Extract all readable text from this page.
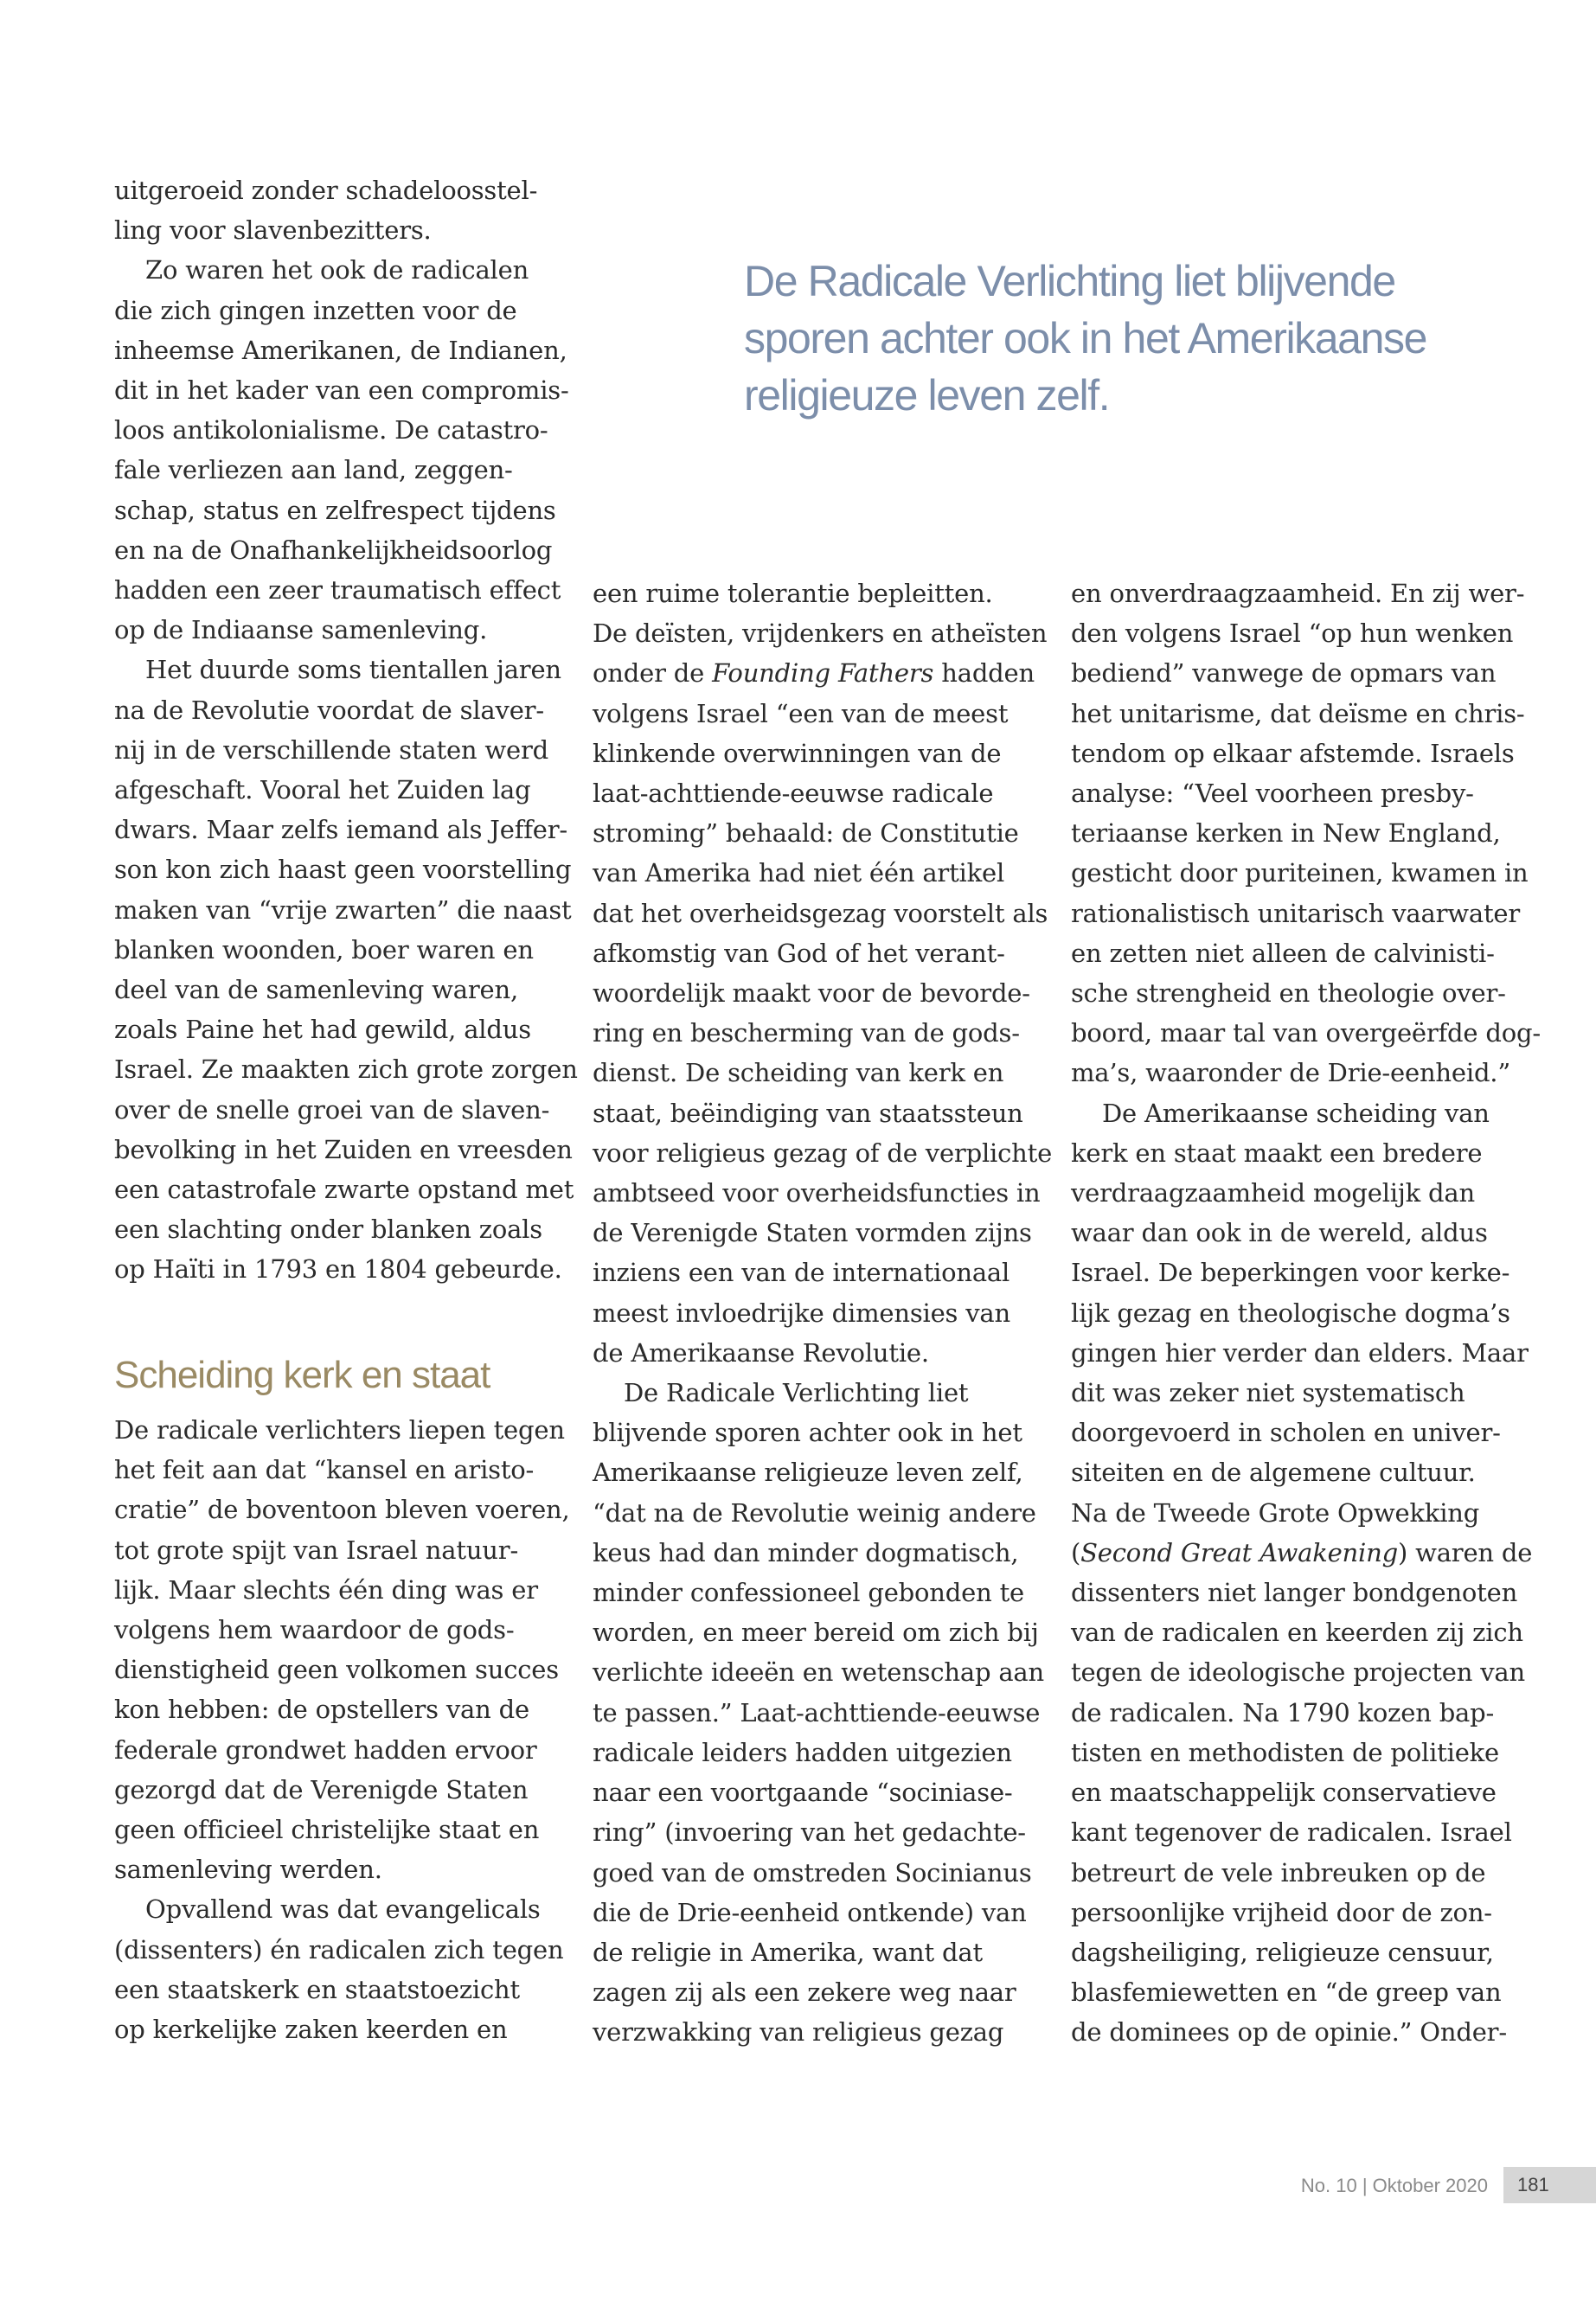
De Radicale Verlichting liet blijvende
sporen achter ook in het Amerikaanse
religieuze leven zelf.
uitgeroeid zonder schadeloosstel-
ling voor slavenbezitters.
Zo waren het ook de radicalen
die zich gingen inzetten voor de
inheemse Amerikanen, de Indianen,
dit in het kader van een compromis-
loos antikolonialisme. De catastro-
fale verliezen aan land, zeggen-
schap, status en zelfrespect tijdens
en na de Onafhankelijkheidsoorlog
hadden een zeer traumatisch effect
op de Indiaanse samenleving.
Het duurde soms tientallen jaren
na de Revolutie voordat de slaver-
nij in de verschillende staten werd
afgeschaft. Vooral het Zuiden lag
dwars. Maar zelfs iemand als Jeffer-
son kon zich haast geen voorstelling
maken van “vrije zwarten” die naast
blanken woonden, boer waren en
deel van de samenleving waren,
zoals Paine het had gewild, aldus
Israel. Ze maakten zich grote zorgen
over de snelle groei van de slaven-
bevolking in het Zuiden en vreesden
een catastrofale zwarte opstand met
een slachting onder blanken zoals
op Haïti in 1793 en 1804 gebeurde.
Scheiding kerk en staat
De radicale verlichters liepen tegen
het feit aan dat “kansel en aristo-
cratie” de boventoon bleven voeren,
tot grote spijt van Israel natuur-
lijk. Maar slechts één ding was er
volgens hem waardoor de gods-
dienstigheid geen volkomen succes
kon hebben: de opstellers van de
federale grondwet hadden ervoor
gezorgd dat de Verenigde Staten
geen officieel christelijke staat en
samenleving werden.
Opvallend was dat evangelicals
(dissenters) én radicalen zich tegen
een staatskerk en staatstoezicht
op kerkelijke zaken keerden en
een ruime tolerantie bepleitten.
De deïsten, vrijdenkers en atheïsten
onder de Founding Fathers hadden
volgens Israel “een van de meest
klinkende overwinningen van de
laat-achttiende-eeuwse radicale
stroming” behaald: de Constitutie
van Amerika had niet één artikel
dat het overheidsgezag voorstelt als
afkomstig van God of het verant-
woordelijk maakt voor de bevorde-
ring en bescherming van de gods-
dienst. De scheiding van kerk en
staat, beëindiging van staatssteun
voor religieus gezag of de verplichte
ambtseed voor overheidsfuncties in
de Verenigde Staten vormden zijns
inziens een van de internationaal
meest invloedrijke dimensies van
de Amerikaanse Revolutie.
De Radicale Verlichting liet
blijvende sporen achter ook in het
Amerikaanse religieuze leven zelf,
“dat na de Revolutie weinig andere
keus had dan minder dogmatisch,
minder confessioneel gebonden te
worden, en meer bereid om zich bij
verlichte ideeën en wetenschap aan
te passen.” Laat-achttiende-eeuwse
radicale leiders hadden uitgezien
naar een voortgaande “sociniase-
ring” (invoering van het gedachte-
goed van de omstreden Socinianus
die de Drie-eenheid ontkende) van
de religie in Amerika, want dat
zagen zij als een zekere weg naar
verzwakking van religieus gezag
en onverdraagzaamheid. En zij wer-
den volgens Israel “op hun wenken
bediend” vanwege de opmars van
het unitarisme, dat deïsme en chris-
tendom op elkaar afstemde. Israels
analyse: “Veel voorheen presby-
teriaanse kerken in New England,
gesticht door puriteinen, kwamen in
rationalistisch unitarisch vaarwater
en zetten niet alleen de calvinisti-
sche strengheid en theologie over-
boord, maar tal van overgeërfde dog-
ma’s, waaronder de Drie-eenheid.”
De Amerikaanse scheiding van
kerk en staat maakt een bredere
verdraagzaamheid mogelijk dan
waar dan ook in de wereld, aldus
Israel. De beperkingen voor kerke-
lijk gezag en theologische dogma’s
gingen hier verder dan elders. Maar
dit was zeker niet systematisch
doorgevoerd in scholen en univer-
siteiten en de algemene cultuur.
Na de Tweede Grote Opwekking
(Second Great Awakening) waren de
dissenters niet langer bondgenoten
van de radicalen en keerden zij zich
tegen de ideologische projecten van
de radicalen. Na 1790 kozen bap-
tisten en methodisten de politieke
en maatschappelijk conservatieve
kant tegenover de radicalen. Israel
betreurt de vele inbreuken op de
persoonlijke vrijheid door de zon-
dagsheiliging, religieuze censuur,
blasfemiewetten en “de greep van
de dominees op de opinie.” Onder-
No. 10 | Oktober 2020	181
